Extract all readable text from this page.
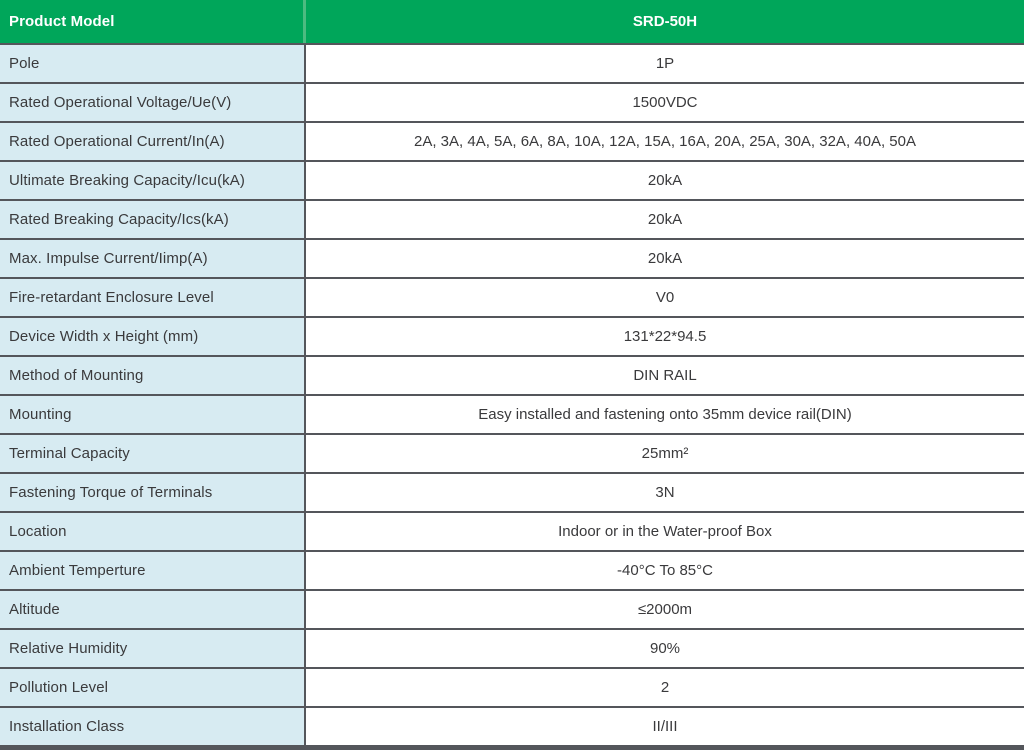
Product Model	SRD-50H
Pole	1P
Rated Operational Voltage/Ue(V)	1500VDC
Rated Operational Current/In(A)	2A, 3A, 4A, 5A, 6A, 8A, 10A, 12A, 15A, 16A, 20A, 25A, 30A, 32A, 40A, 50A
Ultimate Breaking Capacity/Icu(kA)	20kA
Rated Breaking Capacity/Ics(kA)	20kA
Max. Impulse Current/Iimp(A)	20kA
Fire-retardant Enclosure Level	V0
Device Width x Height (mm)	131*22*94.5
Method of Mounting	DIN RAIL
Mounting	Easy installed and fastening onto 35mm device rail(DIN)
Terminal Capacity	25mm²
Fastening Torque of Terminals	3N
Location	Indoor or in the Water-proof Box
Ambient Temperture	-40°C To 85°C
Altitude	≤2000m
Relative Humidity	90%
Pollution Level	2
Installation Class	II/III
